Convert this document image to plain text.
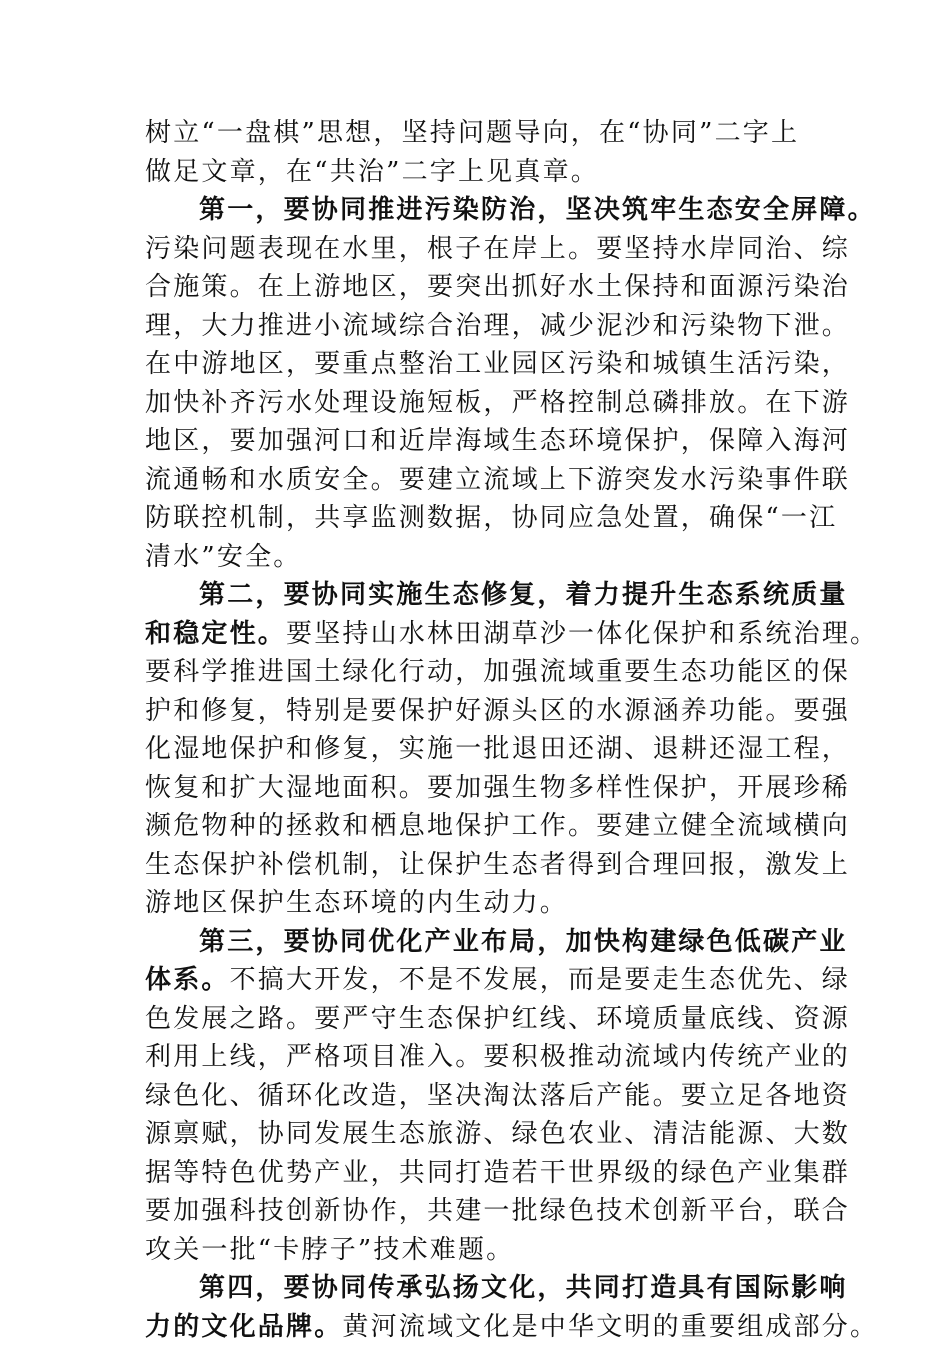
树立“一盘棋”思想，坚持问题导向，在“协同”二字上
做足文章，在“共治”二字上见真章。
第一，要协同推进污染防治，坚决筑牢生态安全屏障。
污染问题表现在水里，根子在岸上。要坚持水岸同治、综
合施策。在上游地区，要突出抓好水土保持和面源污染治
理，大力推进小流域综合治理，减少泥沙和污染物下泄。
在中游地区，要重点整治工业园区污染和城镇生活污染，
加快补齐污水处理设施短板，严格控制总磷排放。在下游
地区，要加强河口和近岸海域生态环境保护，保障入海河
流通畅和水质安全。要建立流域上下游突发水污染事件联
防联控机制，共享监测数据，协同应急处置，确保“一江
清水”安全。
第二，要协同实施生态修复，着力提升生态系统质量
和稳定性。要坚持山水林田湖草沙一体化保护和系统治理。
要科学推进国土绿化行动，加强流域重要生态功能区的保
护和修复，特别是要保护好源头区的水源涵养功能。要强
化湿地保护和修复，实施一批退田还湖、退耕还湿工程，
恢复和扩大湿地面积。要加强生物多样性保护，开展珍稀
濒危物种的拯救和栖息地保护工作。要建立健全流域横向
生态保护补偿机制，让保护生态者得到合理回报，激发上
游地区保护生态环境的内生动力。
第三，要协同优化产业布局，加快构建绿色低碳产业
体系。不搞大开发，不是不发展，而是要走生态优先、绿
色发展之路。要严守生态保护红线、环境质量底线、资源
利用上线，严格项目准入。要积极推动流域内传统产业的
绿色化、循环化改造，坚决淘汰落后产能。要立足各地资
源禀赋，协同发展生态旅游、绿色农业、清洁能源、大数
据等特色优势产业，共同打造若干世界级的绿色产业集群
要加强科技创新协作，共建一批绿色技术创新平台，联合
攻关一批“卡脖子”技术难题。
第四，要协同传承弘扬文化，共同打造具有国际影响
力的文化品牌。黄河流域文化是中华文明的重要组成部分。
